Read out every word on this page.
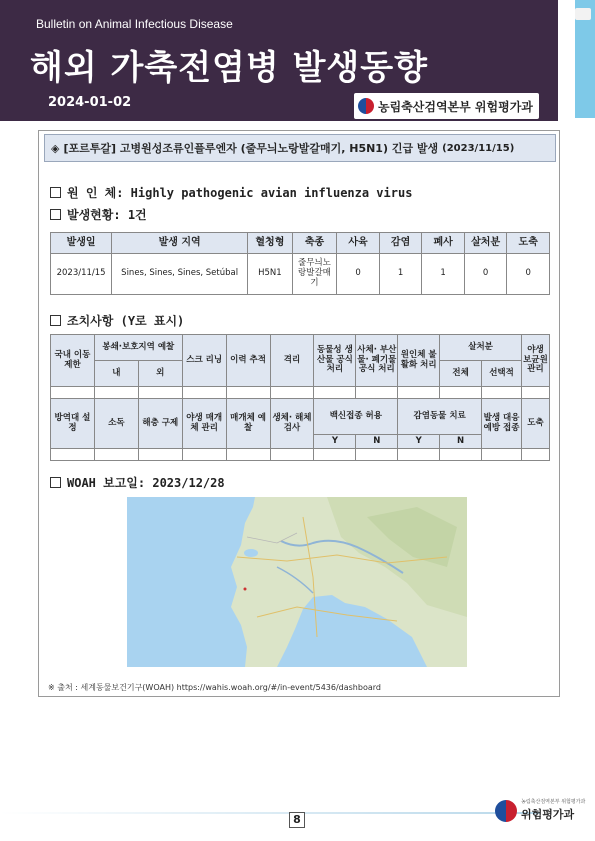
Bulletin on Animal Infectious Disease
해외 가축전염병 발생동향
2024-01-02	농림축산검역본부 위험평가과
◈ [포르투갈] 고병원성조류인플루엔자 (줄무늬노랑발갈매기, H5N1) 긴급 발생 (2023/11/15)
원 인 체: Highly pathogenic avian influenza virus
발생현황: 1건
발생일	발생 지역	혈청형	축종	사육	감염	폐사	살처분	도축
2023/11/15	Sines, Sines, Sines, Setúbal	H5N1	줄무늬노랑발갈매기	0	1	1	0	0
조치사항 (Y로 표시)
국내 이동 제한	봉쇄·보호지역 예찰		스크 리닝	이력 추적	격리	동물성 생산물 공식 처리	사체· 부산물· 폐기물 공식 처리	원인체 불활화 처리	살처분		야생 보균원 관리
	내	외							전체	선택적	

방역대 설정	소독	해충 구제	야생 매개체 관리	매개체 예찰	생체· 해체 검사	백신접종 허용		감염동물 치료		발생 대응 예방 접종	도축
						Y	N	Y	N		

WOAH 보고일: 2023/12/28
※ 출처 : 세계동물보건기구(WOAH) https://wahis.woah.org/#/in-event/5436/dashboard
8
농림축산검역본부 위험평가과
위험평가과
